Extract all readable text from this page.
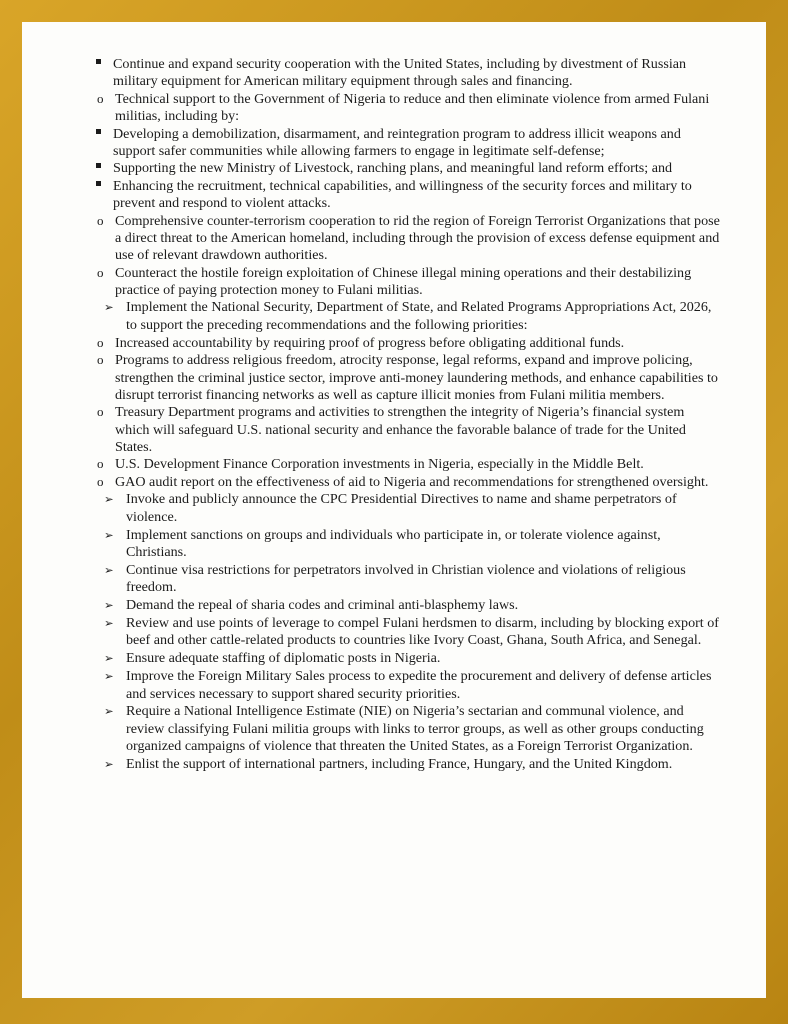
Continue and expand security cooperation with the United States, including by divestment of Russian military equipment for American military equipment through sales and financing.
o Technical support to the Government of Nigeria to reduce and then eliminate violence from armed Fulani militias, including by:
Developing a demobilization, disarmament, and reintegration program to address illicit weapons and support safer communities while allowing farmers to engage in legitimate self-defense;
Supporting the new Ministry of Livestock, ranching plans, and meaningful land reform efforts; and
Enhancing the recruitment, technical capabilities, and willingness of the security forces and military to prevent and respond to violent attacks.
o Comprehensive counter-terrorism cooperation to rid the region of Foreign Terrorist Organizations that pose a direct threat to the American homeland, including through the provision of excess defense equipment and use of relevant drawdown authorities.
o Counteract the hostile foreign exploitation of Chinese illegal mining operations and their destabilizing practice of paying protection money to Fulani militias.
➢ Implement the National Security, Department of State, and Related Programs Appropriations Act, 2026, to support the preceding recommendations and the following priorities:
o Increased accountability by requiring proof of progress before obligating additional funds.
o Programs to address religious freedom, atrocity response, legal reforms, expand and improve policing, strengthen the criminal justice sector, improve anti-money laundering methods, and enhance capabilities to disrupt terrorist financing networks as well as capture illicit monies from Fulani militia members.
o Treasury Department programs and activities to strengthen the integrity of Nigeria’s financial system which will safeguard U.S. national security and enhance the favorable balance of trade for the United States.
o U.S. Development Finance Corporation investments in Nigeria, especially in the Middle Belt.
o GAO audit report on the effectiveness of aid to Nigeria and recommendations for strengthened oversight.
➢ Invoke and publicly announce the CPC Presidential Directives to name and shame perpetrators of violence.
➢ Implement sanctions on groups and individuals who participate in, or tolerate violence against, Christians.
➢ Continue visa restrictions for perpetrators involved in Christian violence and violations of religious freedom.
➢ Demand the repeal of sharia codes and criminal anti-blasphemy laws.
➢ Review and use points of leverage to compel Fulani herdsmen to disarm, including by blocking export of beef and other cattle-related products to countries like Ivory Coast, Ghana, South Africa, and Senegal.
➢ Ensure adequate staffing of diplomatic posts in Nigeria.
➢ Improve the Foreign Military Sales process to expedite the procurement and delivery of defense articles and services necessary to support shared security priorities.
➢ Require a National Intelligence Estimate (NIE) on Nigeria’s sectarian and communal violence, and review classifying Fulani militia groups with links to terror groups, as well as other groups conducting organized campaigns of violence that threaten the United States, as a Foreign Terrorist Organization.
➢ Enlist the support of international partners, including France, Hungary, and the United Kingdom.
